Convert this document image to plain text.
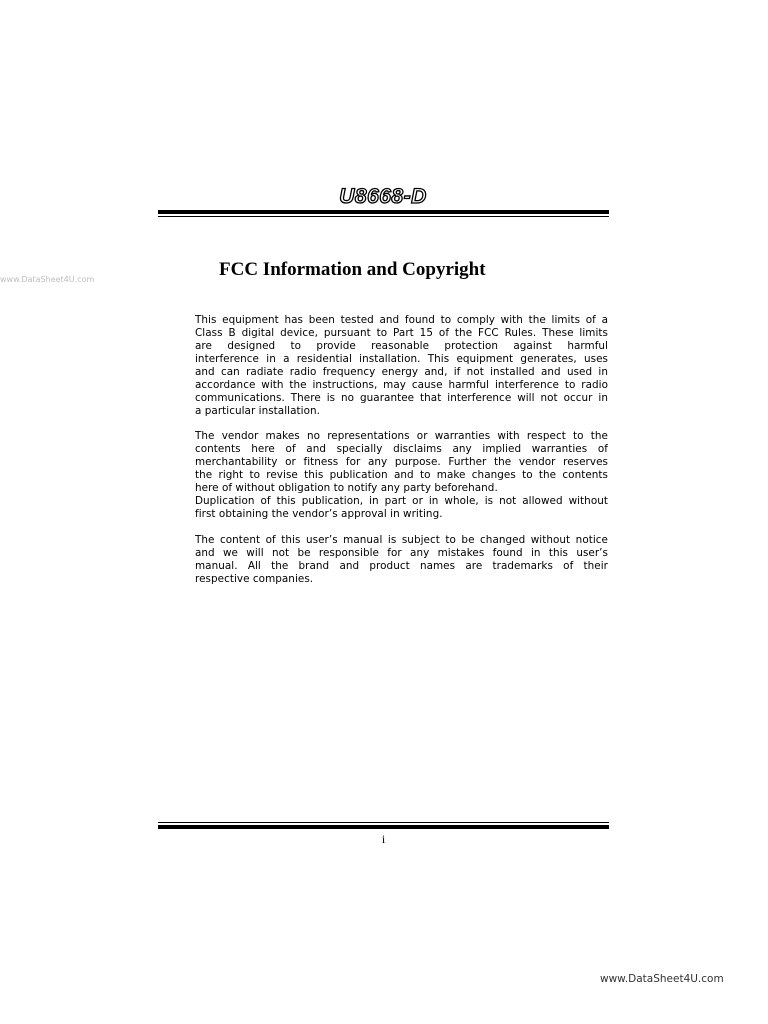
U8668-D
www.DataSheet4U.com	FCC Information and Copyright
This equipment has been tested and found to comply with the limits of a
Class B digital device, pursuant to Part 15 of the FCC Rules. These limits
are designed to provide reasonable protection against harmful
interference in a residential installation. This equipment generates, uses
and can radiate radio frequency energy and, if not installed and used in
accordance with the instructions, may cause harmful interference to radio
communications. There is no guarantee that interference will not occur in
a particular installation.
The vendor makes no representations or warranties with respect to the
contents here of and specially disclaims any implied warranties of
merchantability or fitness for any purpose. Further the vendor reserves
the right to revise this publication and to make changes to the contents
here of without obligation to notify any party beforehand.
Duplication of this publication, in part or in whole, is not allowed without
first obtaining the vendor’s approval in writing.
The content of this user’s manual is subject to be changed without notice
and we will not be responsible for any mistakes found in this user’s
manual. All the brand and product names are trademarks of their
respective companies.
i
www.DataSheet4U.com
